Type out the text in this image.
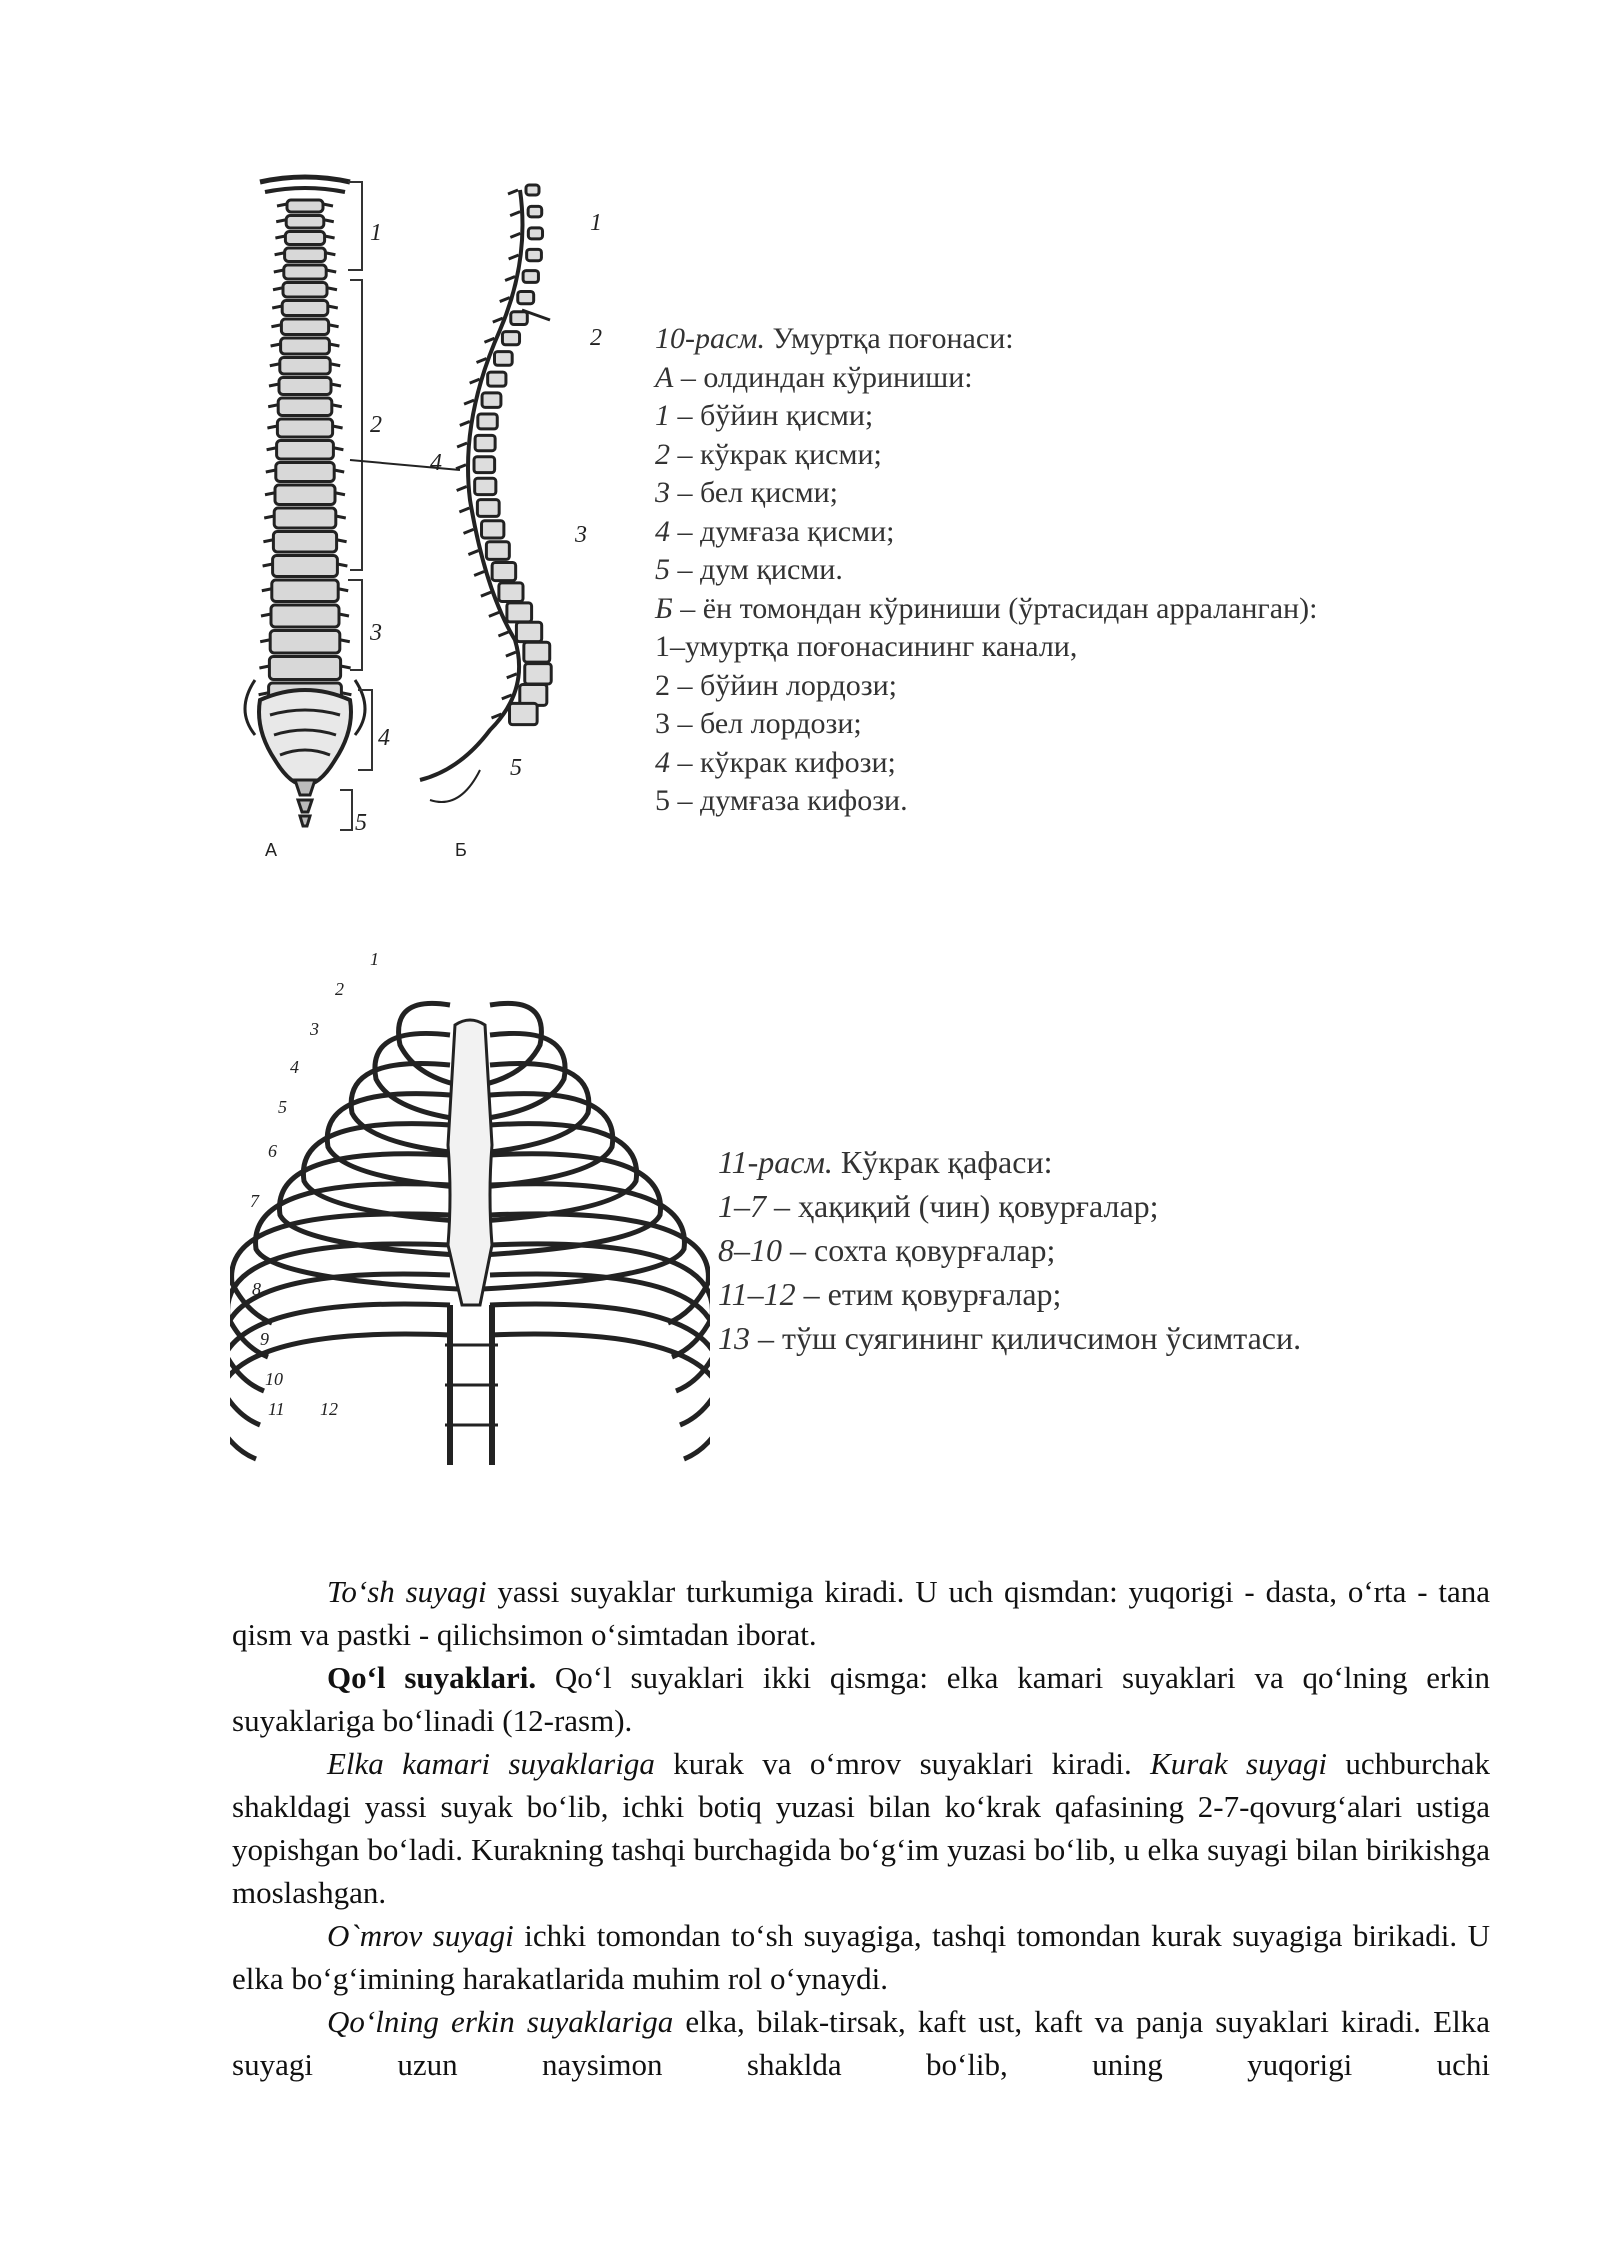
1
2
3
4
5
А
1
2
3
4
5
Б
10-расм. Умуртқа поғонаси:
А – олдиндан кўриниши:
1 – бўйин қисми;
2 – кўкрак қисми;
3 – бел қисми;
4 – думғаза қисми;
5 – дум қисми.
Б – ён томондан кўриниши (ўртасидан арраланган):
1–умуртқа поғонасининг канали,
2 – бўйин лордози;
3 – бел лордози;
4 – кўкрак кифози;
5 – думғаза кифози.
1
2
3
4
5
6
7
8
9
10
11 12
11-расм. Кўкрак қафаси:
1–7 – ҳақиқий (чин) қовурғалар;
8–10 – сохта қовурғалар;
11–12 – етим қовурғалар;
13 – тўш суягининг қиличсимон ўсимтаси.

To‘sh suyagi yassi suyaklar turkumiga kiradi. U uch qismdan: yuqorigi - dasta, o‘rta - tana qism va pastki - qilichsimon o‘simtadan iborat.

Qo‘l suyaklari. Qo‘l suyaklari ikki qismga: elka kamari suyaklari va qo‘lning erkin suyaklariga bo‘linadi (12-rasm).

Elka kamari suyaklariga kurak va o‘mrov suyaklari kiradi. Kurak suyagi uchburchak shakldagi yassi suyak bo‘lib, ichki botiq yuzasi bilan ko‘krak qafasining 2-7-qovurg‘alari ustiga yopishgan bo‘ladi. Kurakning tashqi burchagida bo‘g‘im yuzasi bo‘lib, u elka suyagi bilan birikishga moslashgan.

O`mrov suyagi ichki tomondan to‘sh suyagiga, tashqi tomondan kurak suyagiga birikadi. U elka bo‘g‘imining harakatlarida muhim rol o‘ynaydi.

Qo‘lning erkin suyaklariga elka, bilak-tirsak, kaft ust, kaft va panja suyaklari kiradi. Elka suyagi uzun naysimon shaklda bo‘lib, uning yuqorigi uchi
